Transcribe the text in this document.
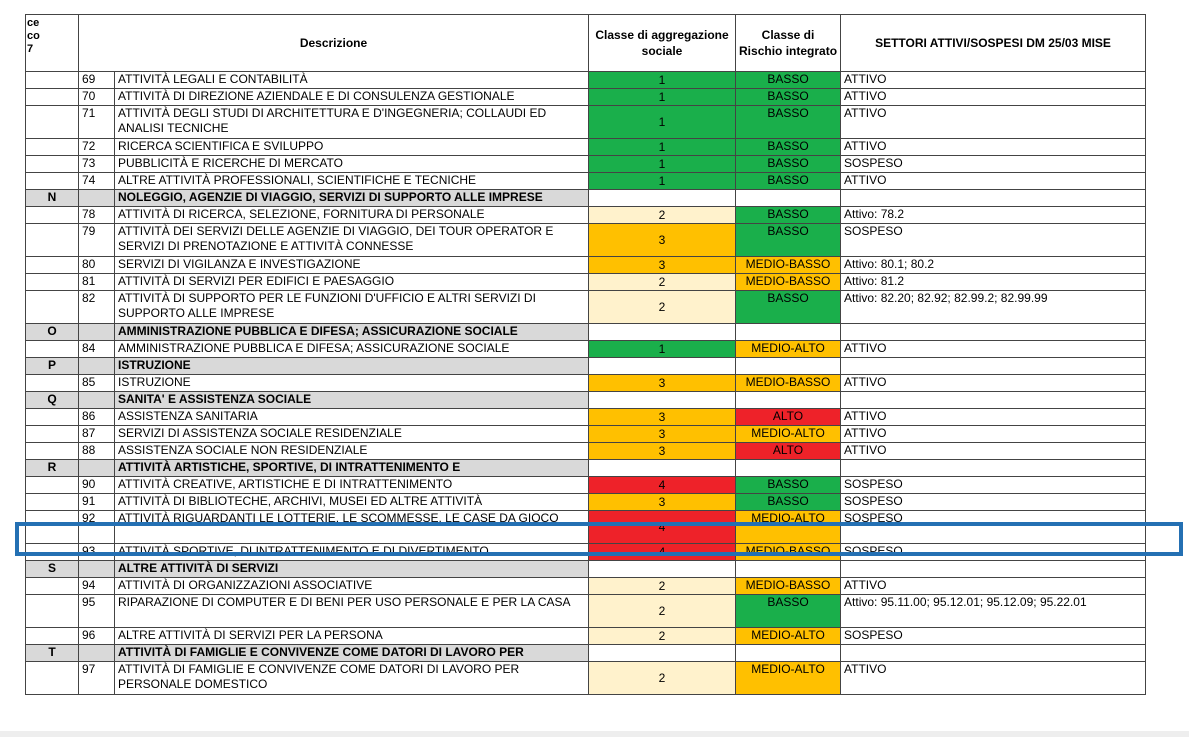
ce
co
7	Descrizione		Classe di aggregazione sociale	Classe di Rischio integrato	SETTORI ATTIVI/SOSPESI DM 25/03 MISE
	69	ATTIVITÀ LEGALI E CONTABILITÀ	1	BASSO	ATTIVO
	70	ATTIVITÀ DI DIREZIONE AZIENDALE E DI CONSULENZA GESTIONALE	1	BASSO	ATTIVO
	71	ATTIVITÀ DEGLI STUDI DI ARCHITETTURA E D'INGEGNERIA; COLLAUDI ED ANALISI TECNICHE	1	BASSO	ATTIVO
	72	RICERCA SCIENTIFICA E SVILUPPO	1	BASSO	ATTIVO
	73	PUBBLICITÀ E RICERCHE DI MERCATO	1	BASSO	SOSPESO
	74	ALTRE ATTIVITÀ PROFESSIONALI, SCIENTIFICHE E TECNICHE	1	BASSO	ATTIVO
N		NOLEGGIO, AGENZIE DI VIAGGIO, SERVIZI DI SUPPORTO ALLE IMPRESE			
	78	ATTIVITÀ DI RICERCA, SELEZIONE, FORNITURA DI PERSONALE	2	BASSO	Attivo: 78.2
	79	ATTIVITÀ DEI SERVIZI DELLE AGENZIE DI VIAGGIO, DEI TOUR OPERATOR E SERVIZI DI PRENOTAZIONE E ATTIVITÀ CONNESSE	3	BASSO	SOSPESO
	80	SERVIZI DI VIGILANZA E INVESTIGAZIONE	3	MEDIO-BASSO	Attivo: 80.1; 80.2
	81	ATTIVITÀ DI SERVIZI PER EDIFICI E PAESAGGIO	2	MEDIO-BASSO	Attivo: 81.2
	82	ATTIVITÀ DI SUPPORTO PER LE FUNZIONI D'UFFICIO E ALTRI SERVIZI DI SUPPORTO ALLE IMPRESE	2	BASSO	Attivo: 82.20; 82.92; 82.99.2; 82.99.99
O		AMMINISTRAZIONE PUBBLICA E DIFESA; ASSICURAZIONE SOCIALE			
	84	AMMINISTRAZIONE PUBBLICA E DIFESA; ASSICURAZIONE SOCIALE	1	MEDIO-ALTO	ATTIVO
P		ISTRUZIONE			
	85	ISTRUZIONE	3	MEDIO-BASSO	ATTIVO
Q		SANITA' E ASSISTENZA SOCIALE			
	86	ASSISTENZA SANITARIA	3	ALTO	ATTIVO
	87	SERVIZI DI ASSISTENZA SOCIALE RESIDENZIALE	3	MEDIO-ALTO	ATTIVO
	88	ASSISTENZA SOCIALE NON RESIDENZIALE	3	ALTO	ATTIVO
R		ATTIVITÀ ARTISTICHE, SPORTIVE, DI INTRATTENIMENTO E			
	90	ATTIVITÀ CREATIVE, ARTISTICHE E DI INTRATTENIMENTO	4	BASSO	SOSPESO
	91	ATTIVITÀ DI BIBLIOTECHE, ARCHIVI, MUSEI ED ALTRE ATTIVITÀ	3	BASSO	SOSPESO
	92	ATTIVITÀ RIGUARDANTI LE LOTTERIE, LE SCOMMESSE, LE CASE DA GIOCO	4	MEDIO-ALTO	SOSPESO
	93	ATTIVITÀ SPORTIVE, DI INTRATTENIMENTO E DI DIVERTIMENTO	4	MEDIO-BASSO	SOSPESO
S		ALTRE ATTIVITÀ DI SERVIZI			
	94	ATTIVITÀ DI ORGANIZZAZIONI ASSOCIATIVE	2	MEDIO-BASSO	ATTIVO
	95	RIPARAZIONE DI COMPUTER E DI BENI PER USO PERSONALE E PER LA CASA	2	BASSO	Attivo: 95.11.00; 95.12.01; 95.12.09; 95.22.01
	96	ALTRE ATTIVITÀ DI SERVIZI PER LA PERSONA	2	MEDIO-ALTO	SOSPESO
T		ATTIVITÀ DI FAMIGLIE E CONVIVENZE COME DATORI DI LAVORO PER			
	97	ATTIVITÀ DI FAMIGLIE E CONVIVENZE COME DATORI DI LAVORO PER PERSONALE DOMESTICO	2	MEDIO-ALTO	ATTIVO
